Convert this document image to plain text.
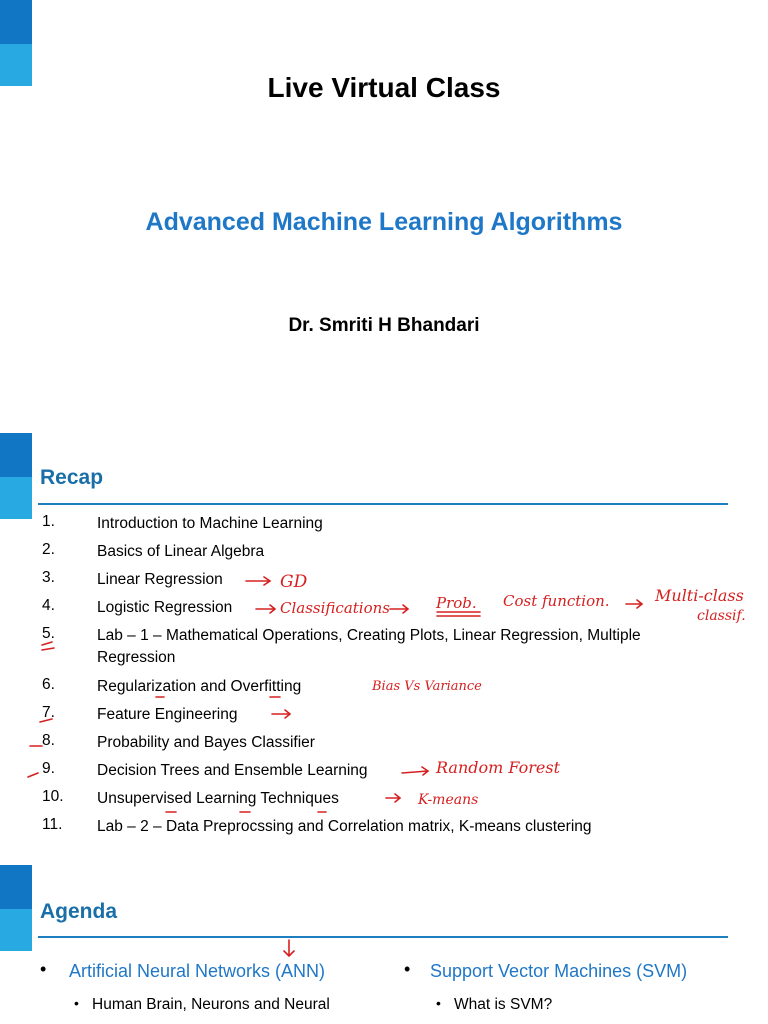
Live Virtual Class
Advanced Machine Learning Algorithms
Dr. Smriti H Bhandari
Recap
1.	Introduction to Machine Learning
2.	Basics of Linear Algebra
3.	Linear Regression
4.	Logistic Regression
5.	Lab – 1 – Mathematical Operations, Creating Plots, Linear Regression, Multiple Regression
6.	Regularization and Overfitting
7.	Feature Engineering
8.	Probability and Bayes Classifier
9.	Decision Trees and Ensemble Learning
10. Unsupervised Learning Techniques
11. Lab – 2 – Data Preprocssing and Correlation matrix, K-means clustering
Agenda
• Artificial Neural Networks (ANN)
• Human Brain, Neurons and Neural
• Support Vector Machines (SVM)
• What is SVM?
GD
Classifications	Prob. Cost function.	Multi-class
classif.
Bias Vs Variance
Random Forest
K-means
